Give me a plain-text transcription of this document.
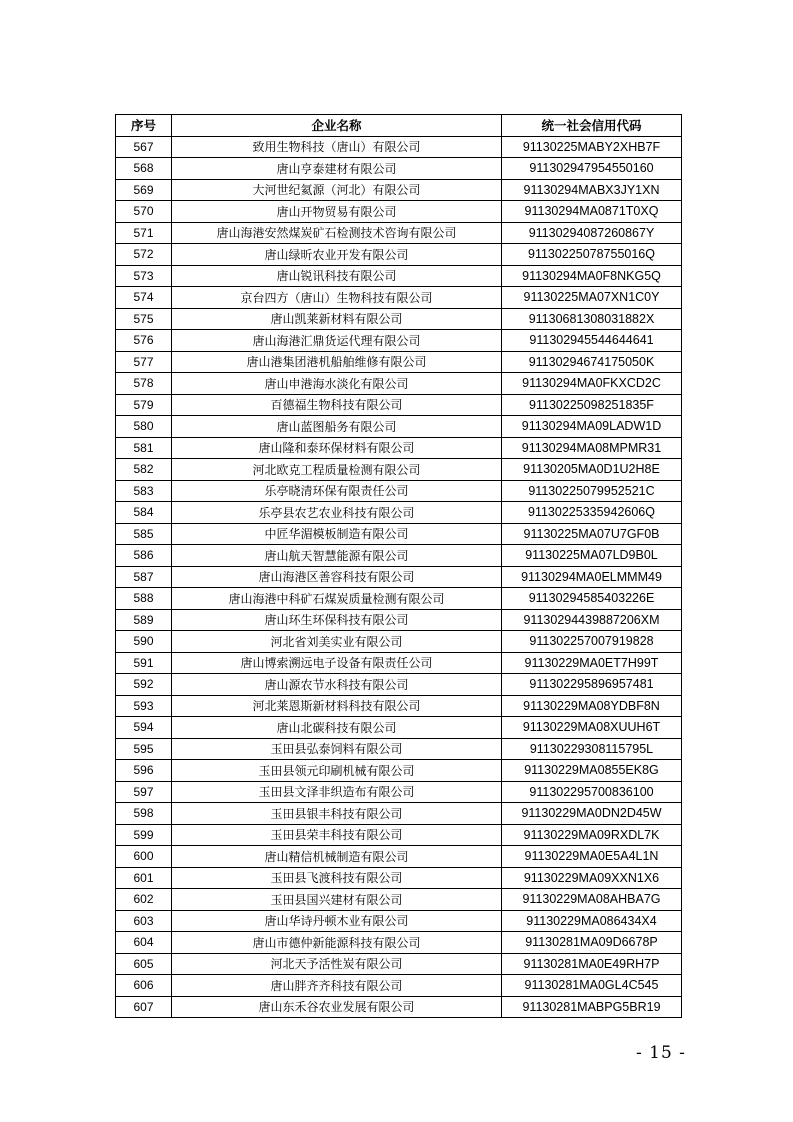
序号	企业名称	统一社会信用代码
567	致用生物科技（唐山）有限公司	91130225MABY2XHB7F
568	唐山亨泰建材有限公司	911302947954550160
569	大河世纪氦源（河北）有限公司	91130294MABX3JY1XN
570	唐山开物贸易有限公司	91130294MA0871T0XQ
571	唐山海港安然煤炭矿石检测技术咨询有限公司	91130294087260867Y
572	唐山绿昕农业开发有限公司	91130225078755016Q
573	唐山锐讯科技有限公司	91130294MA0F8NKG5Q
574	京台四方（唐山）生物科技有限公司	91130225MA07XN1C0Y
575	唐山凯莱新材料有限公司	91130681308031882X
576	唐山海港汇鼎货运代理有限公司	911302945544644641
577	唐山港集团港机船舶维修有限公司	91130294674175050K
578	唐山申港海水淡化有限公司	91130294MA0FKXCD2C
579	百德福生物科技有限公司	91130225098251835F
580	唐山蓝图船务有限公司	91130294MA09LADW1D
581	唐山隆和泰环保材料有限公司	91130294MA08MPMR31
582	河北欧克工程质量检测有限公司	91130205MA0D1U2H8E
583	乐亭晓清环保有限责任公司	91130225079952521C
584	乐亭县农艺农业科技有限公司	91130225335942606Q
585	中匠华湄模板制造有限公司	91130225MA07U7GF0B
586	唐山航天智慧能源有限公司	91130225MA07LD9B0L
587	唐山海港区善容科技有限公司	91130294MA0ELMMM49
588	唐山海港中科矿石煤炭质量检测有限公司	91130294585403226E
589	唐山环生环保科技有限公司	91130294439887206XM
590	河北省刘美实业有限公司	911302257007919828
591	唐山博索溯远电子设备有限责任公司	91130229MA0ET7H99T
592	唐山源农节水科技有限公司	911302295896957481
593	河北莱恩斯新材料科技有限公司	91130229MA08YDBF8N
594	唐山北碳科技有限公司	91130229MA08XUUH6T
595	玉田县弘泰饲料有限公司	91130229308115795L
596	玉田县领元印刷机械有限公司	91130229MA0855EK8G
597	玉田县文泽非织造布有限公司	911302295700836100
598	玉田县银丰科技有限公司	91130229MA0DN2D45W
599	玉田县荣丰科技有限公司	91130229MA09RXDL7K
600	唐山精信机械制造有限公司	91130229MA0E5A4L1N
601	玉田县飞渡科技有限公司	91130229MA09XXN1X6
602	玉田县国兴建材有限公司	91130229MA08AHBA7G
603	唐山华诗丹顿木业有限公司	91130229MA086434X4
604	唐山市德仲新能源科技有限公司	91130281MA09D6678P
605	河北天予活性炭有限公司	91130281MA0E49RH7P
606	唐山胖齐齐科技有限公司	91130281MA0GL4C545
607	唐山东禾谷农业发展有限公司	91130281MABPG5BR19
- 15 -
